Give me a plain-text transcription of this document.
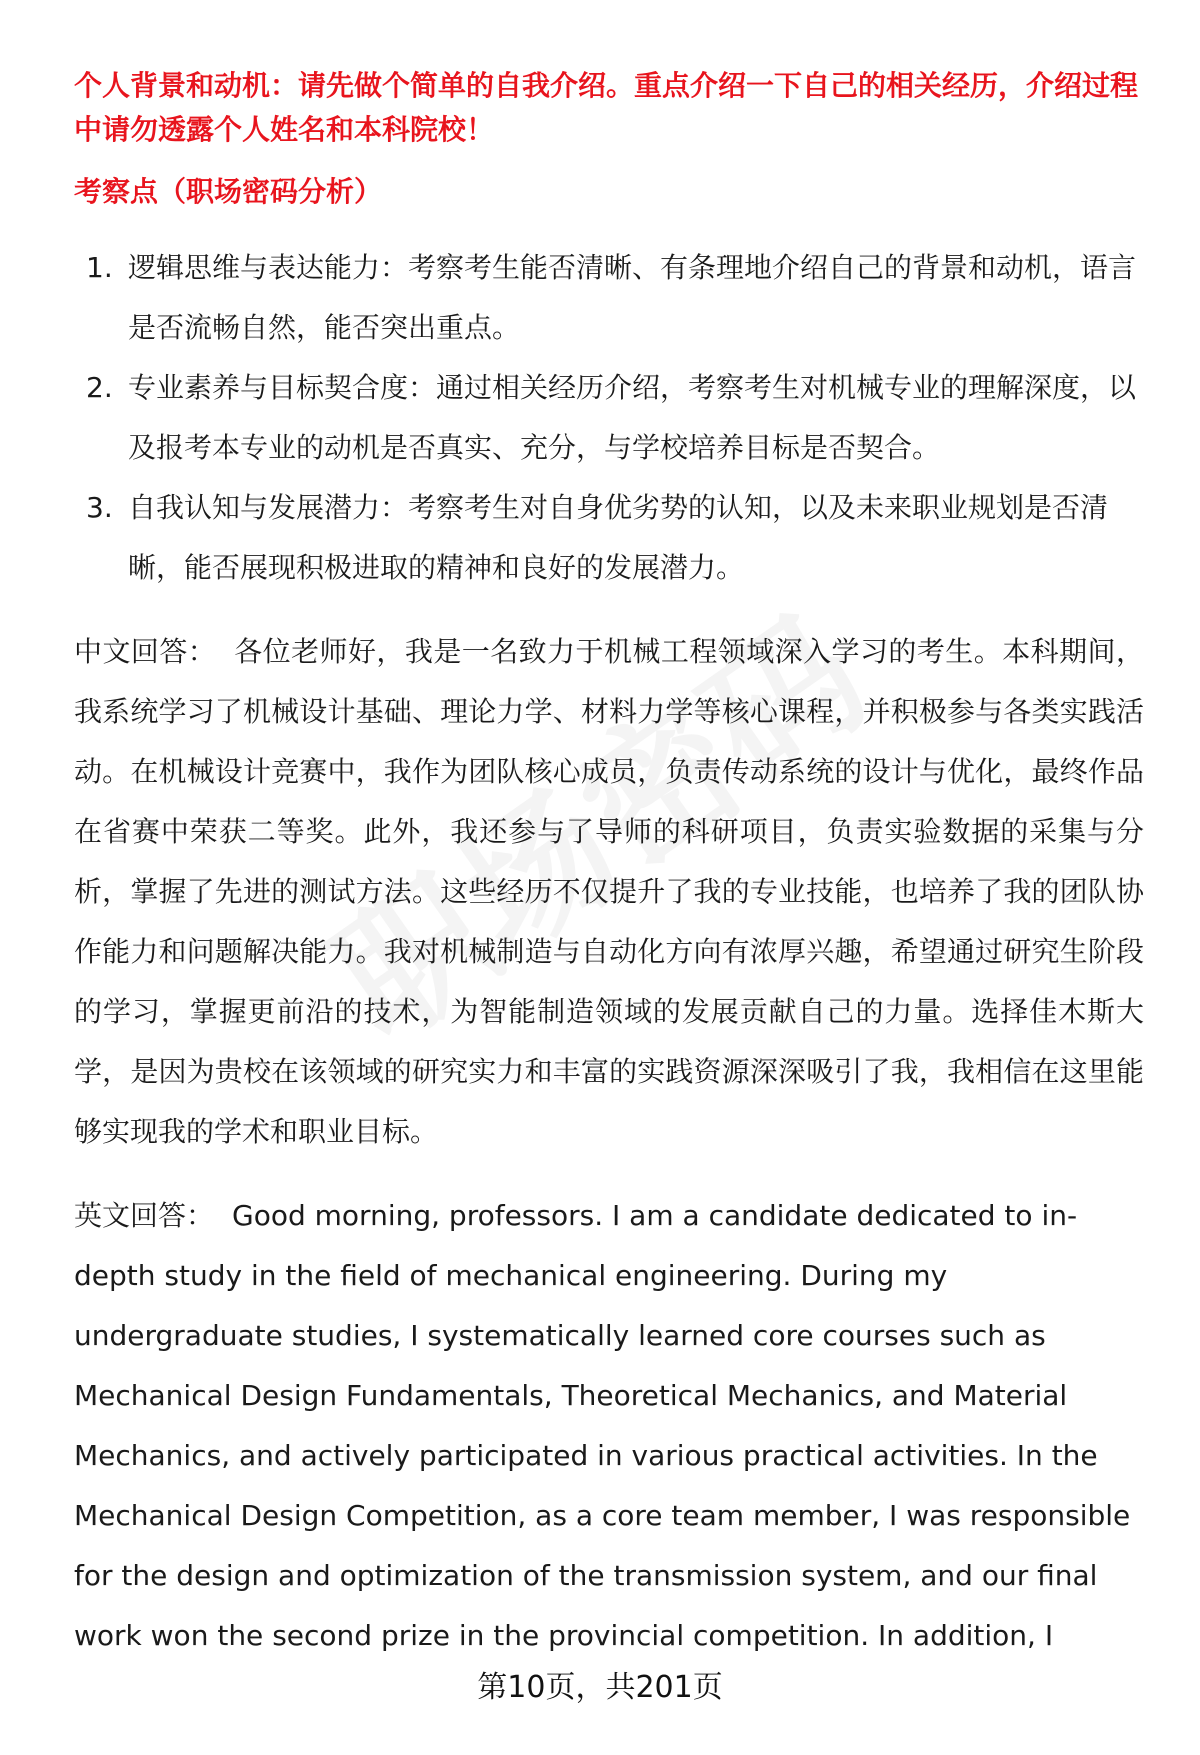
个人背景和动机：请先做个简单的自我介绍。重点介绍一下自己的相关经历，介绍过程中请勿透露个人姓名和本科院校！

考察点（职场密码分析）

1. 逻辑思维与表达能力：考察考生能否清晰、有条理地介绍自己的背景和动机，语言是否流畅自然，能否突出重点。
2. 专业素养与目标契合度：通过相关经历介绍，考察考生对机械专业的理解深度，以及报考本专业的动机是否真实、充分，与学校培养目标是否契合。
3. 自我认知与发展潜力：考察考生对自身优劣势的认知，以及未来职业规划是否清晰，能否展现积极进取的精神和良好的发展潜力。

中文回答： 各位老师好，我是一名致力于机械工程领域深入学习的考生。本科期间，我系统学习了机械设计基础、理论力学、材料力学等核心课程，并积极参与各类实践活动。在机械设计竞赛中，我作为团队核心成员，负责传动系统的设计与优化，最终作品在省赛中荣获二等奖。此外，我还参与了导师的科研项目，负责实验数据的采集与分析，掌握了先进的测试方法。这些经历不仅提升了我的专业技能，也培养了我的团队协作能力和问题解决能力。我对机械制造与自动化方向有浓厚兴趣，希望通过研究生阶段的学习，掌握更前沿的技术，为智能制造领域的发展贡献自己的力量。选择佳木斯大学，是因为贵校在该领域的研究实力和丰富的实践资源深深吸引了我，我相信在这里能够实现我的学术和职业目标。

英文回答： Good morning, professors. I am a candidate dedicated to in-depth study in the field of mechanical engineering. During my undergraduate studies, I systematically learned core courses such as Mechanical Design Fundamentals, Theoretical Mechanics, and Material Mechanics, and actively participated in various practical activities. In the Mechanical Design Competition, as a core team member, I was responsible for the design and optimization of the transmission system, and our final work won the second prize in the provincial competition. In addition, I

第10页，共201页
